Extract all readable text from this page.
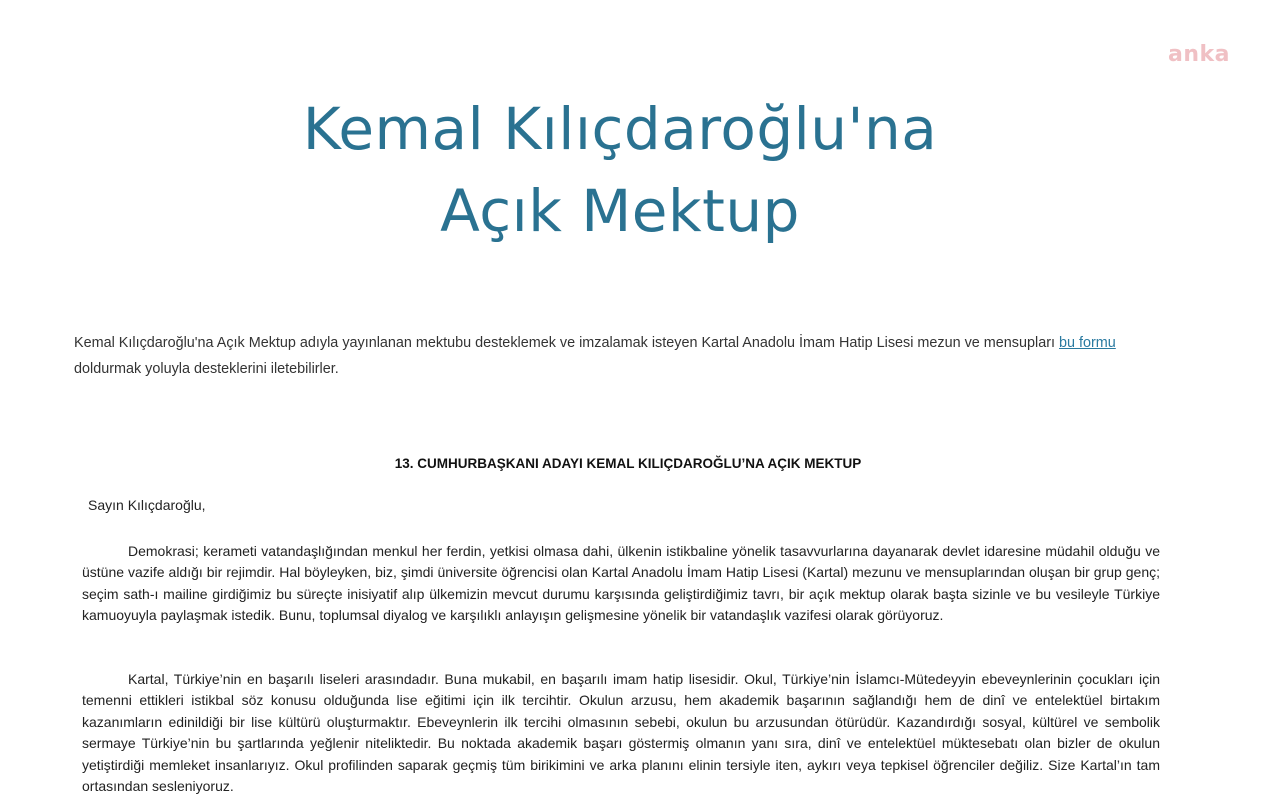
anka
Kemal Kılıçdaroğlu'na
Açık Mektup
Kemal Kılıçdaroğlu'na Açık Mektup adıyla yayınlanan mektubu desteklemek ve imzalamak isteyen Kartal Anadolu İmam Hatip Lisesi mezun ve mensupları bu formu doldurmak yoluyla desteklerini iletebilirler.
13. CUMHURBAŞKANI ADAYI KEMAL KILIÇDAROĞLU’NA AÇIK MEKTUP
Sayın Kılıçdaroğlu,
Demokrasi; kerameti vatandaşlığından menkul her ferdin, yetkisi olmasa dahi, ülkenin istikbaline yönelik tasavvurlarına dayanarak devlet idaresine müdahil olduğu ve üstüne vazife aldığı bir rejimdir. Hal böyleyken, biz, şimdi üniversite öğrencisi olan Kartal Anadolu İmam Hatip Lisesi (Kartal) mezunu ve mensuplarından oluşan bir grup genç; seçim sath-ı mailine girdiğimiz bu süreçte inisiyatif alıp ülkemizin mevcut durumu karşısında geliştirdiğimiz tavrı, bir açık mektup olarak başta sizinle ve bu vesileyle Türkiye kamuoyuyla paylaşmak istedik. Bunu, toplumsal diyalog ve karşılıklı anlayışın gelişmesine yönelik bir vatandaşlık vazifesi olarak görüyoruz.
Kartal, Türkiye’nin en başarılı liseleri arasındadır. Buna mukabil, en başarılı imam hatip lisesidir. Okul, Türkiye’nin İslamcı-Mütedeyyin ebeveynlerinin çocukları için temenni ettikleri istikbal söz konusu olduğunda lise eğitimi için ilk tercihtir. Okulun arzusu, hem akademik başarının sağlandığı hem de dinî ve entelektüel birtakım kazanımların edinildiği bir lise kültürü oluşturmaktır. Ebeveynlerin ilk tercihi olmasının sebebi, okulun bu arzusundan ötürüdür. Kazandırdığı sosyal, kültürel ve sembolik sermaye Türkiye’nin bu şartlarında yeğlenir niteliktedir. Bu noktada akademik başarı göstermiş olmanın yanı sıra, dinî ve entelektüel müktesebatı olan bizler de okulun yetiştirdiği memleket insanlarıyız. Okul profilinden saparak geçmiş tüm birikimini ve arka planını elinin tersiyle iten, aykırı veya tepkisel öğrenciler değiliz. Size Kartal’ın tam ortasından sesleniyoruz.
